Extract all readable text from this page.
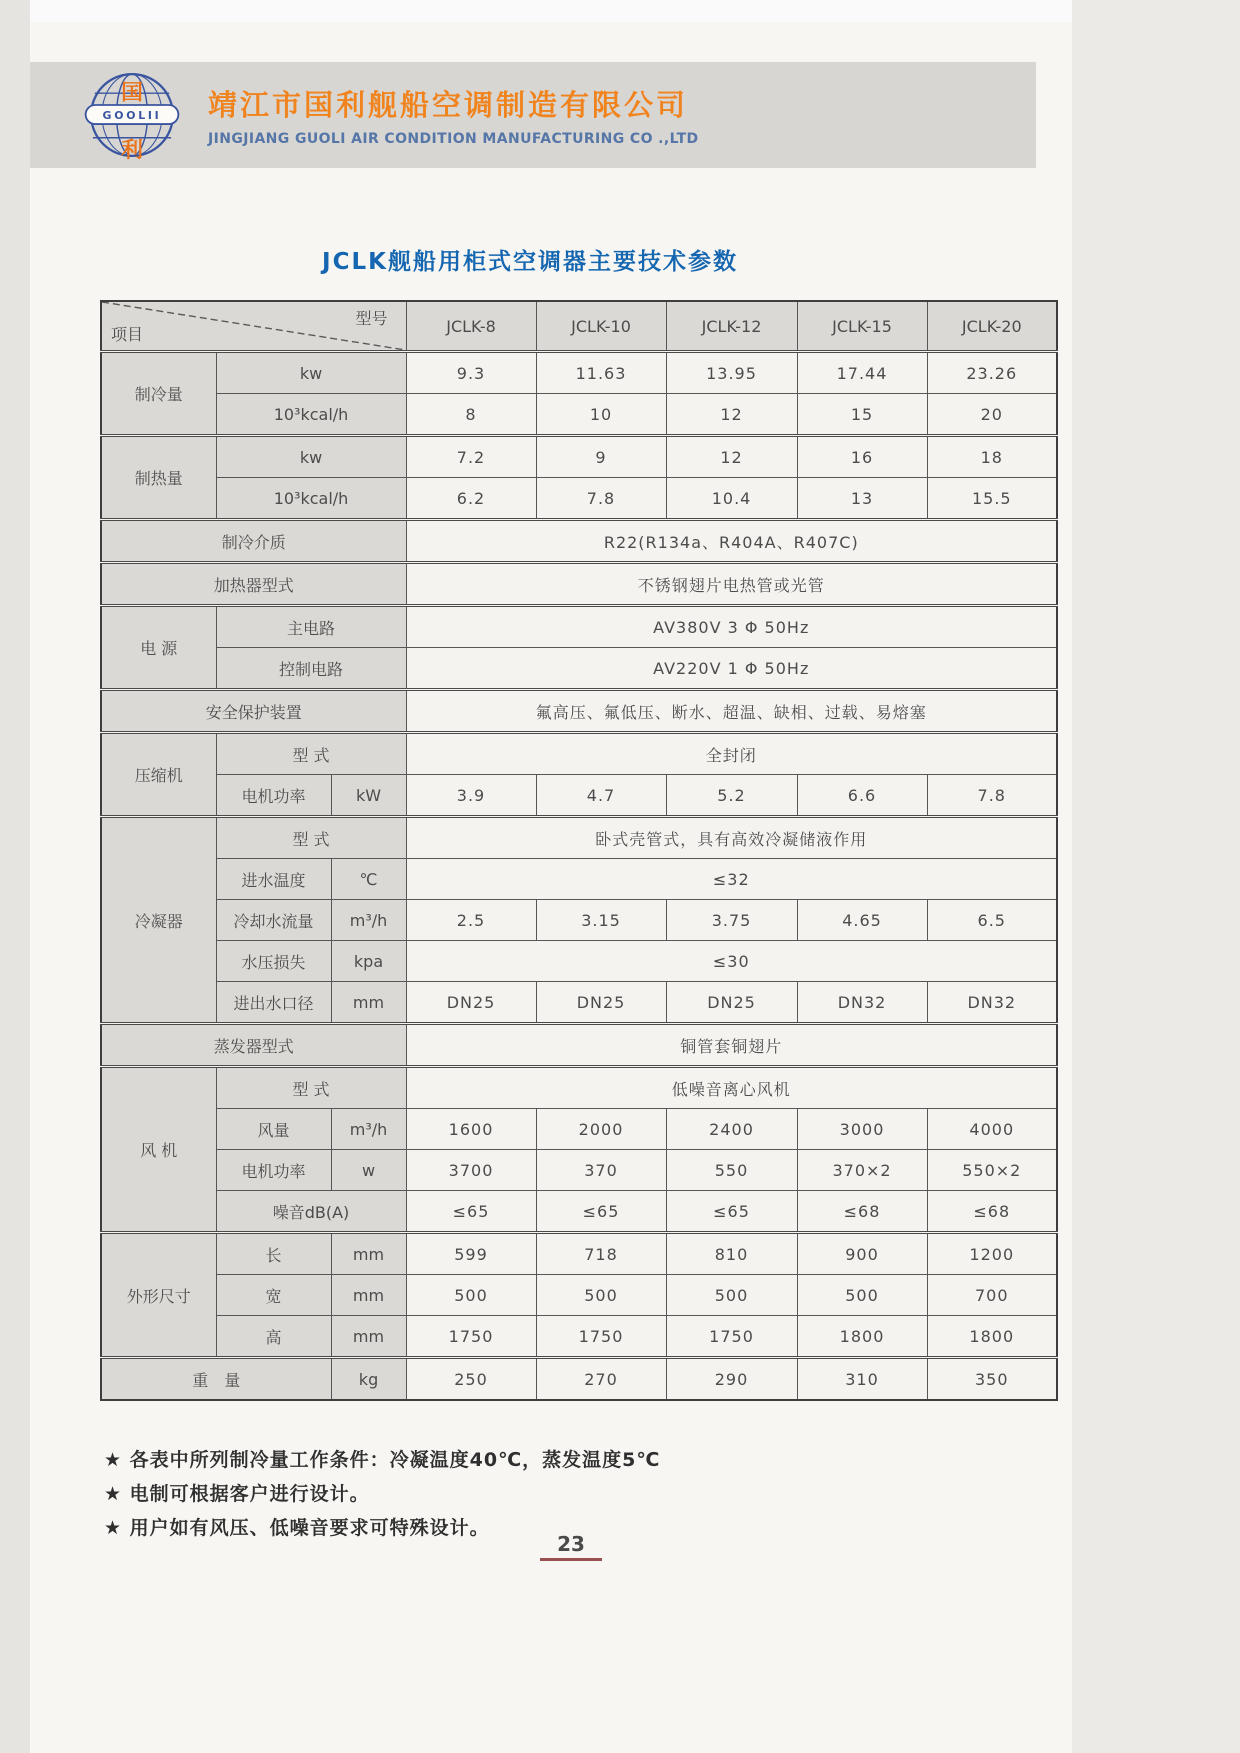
GOOLII
国
利
靖江市国利舰船空调制造有限公司
JINGJIANG GUOLI AIR CONDITION MANUFACTURING CO .,LTD
JCLK舰船用柜式空调器主要技术参数
型号
项目			JCLK-8	JCLK-10	JCLK-12	JCLK-15	JCLK-20
制冷量	kw		9.3	11.63	13.95	17.44	23.26
	10³kcal/h		8	10	12	15	20
制热量	kw		7.2	9	12	16	18
	10³kcal/h		6.2	7.8	10.4	13	15.5
制冷介质			R22(R134a、R404A、R407C)				
加热器型式			不锈钢翅片电热管或光管				
电 源	主电路		AV380V 3 Φ 50Hz				
	控制电路		AV220V 1 Φ 50Hz				
安全保护装置			氟高压、氟低压、断水、超温、缺相、过载、易熔塞				
压缩机	型 式		全封闭				
	电机功率	kW	3.9	4.7	5.2	6.6	7.8
冷凝器	型 式		卧式壳管式，具有高效冷凝储液作用				
	进水温度	℃	≤32				
	冷却水流量	m³/h	2.5	3.15	3.75	4.65	6.5
	水压损失	kpa	≤30				
	进出水口径	mm	DN25	DN25	DN25	DN32	DN32
蒸发器型式			铜管套铜翅片				
风 机	型 式		低噪音离心风机				
	风量	m³/h	1600	2000	2400	3000	4000
	电机功率	w	3700	370	550	370×2	550×2
	噪音dB(A)		≤65	≤65	≤65	≤68	≤68
外形尺寸	长	mm	599	718	810	900	1200
	宽	mm	500	500	500	500	700
	高	mm	1750	1750	1750	1800	1800
重　量		kg	250	270	290	310	350
★ 各表中所列制冷量工作条件：冷凝温度40℃，蒸发温度5℃
★ 电制可根据客户进行设计。
★ 用户如有风压、低噪音要求可特殊设计。
23
